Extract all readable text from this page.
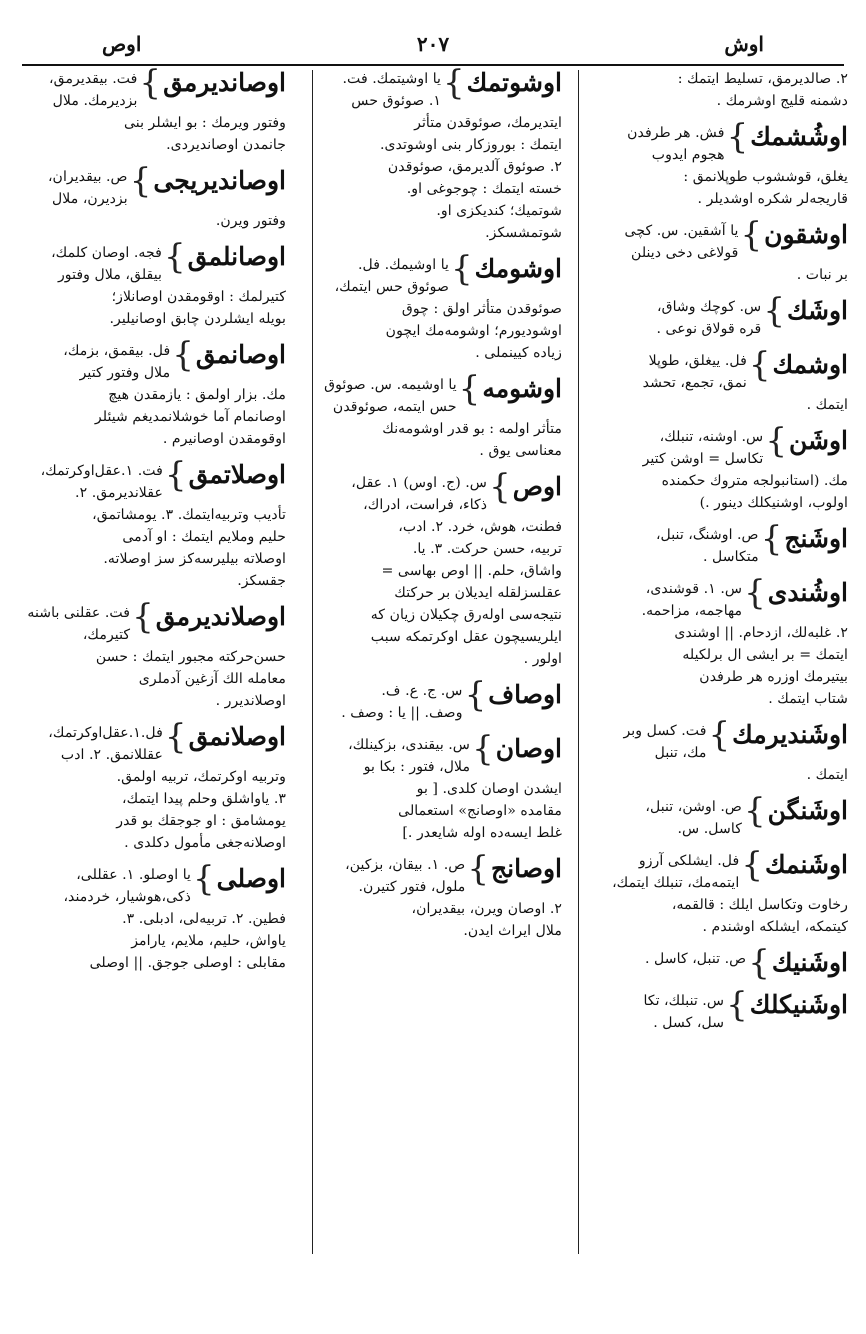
اوش
۲۰۷
اوص
۲. صالدیرمق، تسلیط ایتمك :
دشمنه قلیج اوشرمك .
اوشُشمك
}
فش. هر طرفدن
هجوم ایدوب
یغلق، قوششوب طوپلانمق :
قاریجه‌لر شکره اوشدیلر .
اوشقون
}
یا آشقین. س. کچی
قولاغی دخی دینلن
بر نبات .
اوشَك
}
س. کوچك وشاق،
قره قولاق نوعی .
اوشمك
}
فل. ییغلق، طوپلا
نمق، تجمع، تحشد
ایتمك .
اوشَن
}
س. اوشنه، تنبلك،
تکاسل = اوشن کتیر
مك. (استانبولجه متروك حکمنده
اولوب، اوشنیکلك دینور .)
اوشَنج
}
ص. اوشنگ، تنبل،
متکاسل .
اوشُندی
}
س. ۱. قوشندی،
مهاجمه، مزاحمه.
۲. غلبه‌لك، ازدحام. || اوشندی
ایتمك = بر ایشی ال برلکیله
بیتیرمك اوزره هر طرفدن
شتاب ایتمك .
اوشَندیرمك
}
فت. کسل وبر
مك، تنبل
ایتمك .
اوشَنگن
}
ص. اوشن، تنبل،
کاسل. س.
اوشَنمك
}
فل. ایشلکی آرزو
ایتمه‌مك، تنبلك ایتمك،
رخاوت وتکاسل ایلك : قالقمه،
کیتمکه، ایشلکه اوشندم .
اوشَنیك
}
ص. تنبل، کاسل .
اوشَنیکلك
}
س. تنبلك، تکا
سل، کسل .
اوشوتمك
}
یا اوشیتمك. فت.
۱. صوئوق حس
ایتدیرمك، صوئوقدن متأثر
ایتمك : بوروزکار بنی اوشوتدی.
۲. صوئوق آلدیرمق، صوئوقدن
خسته ایتمك : چوجوغی او.
شوتمیك؛ کندیکزی او.
شوتمشسکز.
اوشومك
}
یا اوشیمك. فل.
صوئوق حس ایتمك،
صوئوقدن متأثر اولق : چوق
اوشودیورم؛ اوشومه‌مك ایچون
زیاده کیینملی .
اوشومه
}
یا اوشیمه. س. صوئوق
حس ایتمه، صوئوقدن
متأثر اولمه : بو قدر اوشومه‌نك
معناسی یوق .
اوص
}
س. (ج. اوس) ۱. عقل،
ذکاء، فراست، ادراك،
فطنت، هوش، خرد. ۲. ادب،
تربیه، حسن حرکت. ۳. یا.
واشاق، حلم. || اوص بهاسی =
عقلسزلقله ایدیلان بر حرکتك
نتیجه‌سی اولەرق چکیلان زیان که
ایلریسیچون عقل اوکرتمکه سبب
اولور .
اوصاف
}
س. ج. ع. ف.
وصف. || یا : وصف .
اوصان
}
س. بیقندی، بزکینلك،
ملال، فتور : بکا بو
ایشدن اوصان کلدی. [ بو
مقامده «اوصانج» استعمالی
غلط ایسه‌ده اوله شایعدر .]
اوصانج
}
ص. ۱. بیقان، بزکین،
ملول، فتور کتیرن.
۲. اوصان ویرن، بیقدیران،
ملال ایراث ایدن.
اوصاندیرمق
}
فت. بیقدیرمق،
بزدیرمك. ملال
وفتور ویرمك : بو ایشلر بنی
جانمدن اوصاندیردی.
اوصاندیریجی
}
ص. بیقدیران،
بزدیرن، ملال
وفتور ویرن.
اوصانلمق
}
فجه. اوصان کلمك،
بیقلق، ملال وفتور
کتیرلمك : اوقومقدن اوصانلاز؛
بویله ایشلردن چابق اوصانیلیر.
اوصانمق
}
فل. بیقمق، بزمك،
ملال وفتور کتیر
مك. بزار اولمق : یازمقدن هیچ
اوصانمام آما خوشلانمدیغم شیئلر
اوقومقدن اوصانیرم .
اوصلاتمق
}
فت. ۱.عقل‌اوکرتمك،
عقلاندیرمق. ۲.
تأدیب وتربیه‌ایتمك. ۳. یومشاتمق،
حلیم وملایم ایتمك : او آدمی
اوصلاته بیلیرسه‌کز سز اوصلاته.
جقسکز.
اوصلاندیرمق
}
فت. عقلنی باشنه
کتیرمك،
حسن‌حرکته مجبور ایتمك : حسن
معامله الك آزغین آدملری
اوصلاندیرر .
اوصلانمق
}
فل.۱.عقل‌اوکرتمك،
عقللانمق. ۲. ادب
وتربیه اوکرتمك، تربیه اولمق.
۳. یاواشلق وحلم پیدا ایتمك،
یومشامق : او جوجقك بو قدر
اوصلانه‌جغی مأمول دکلدی .
اوصلی
}
یا اوصلو. ۱. عقللی،
ذکی،هوشیار، خردمند،
فطین. ۲. تربیه‌لی، ادبلی. ۳.
یاواش، حلیم، ملایم، یارامز
مقابلی : اوصلی جوجق. || اوصلی
